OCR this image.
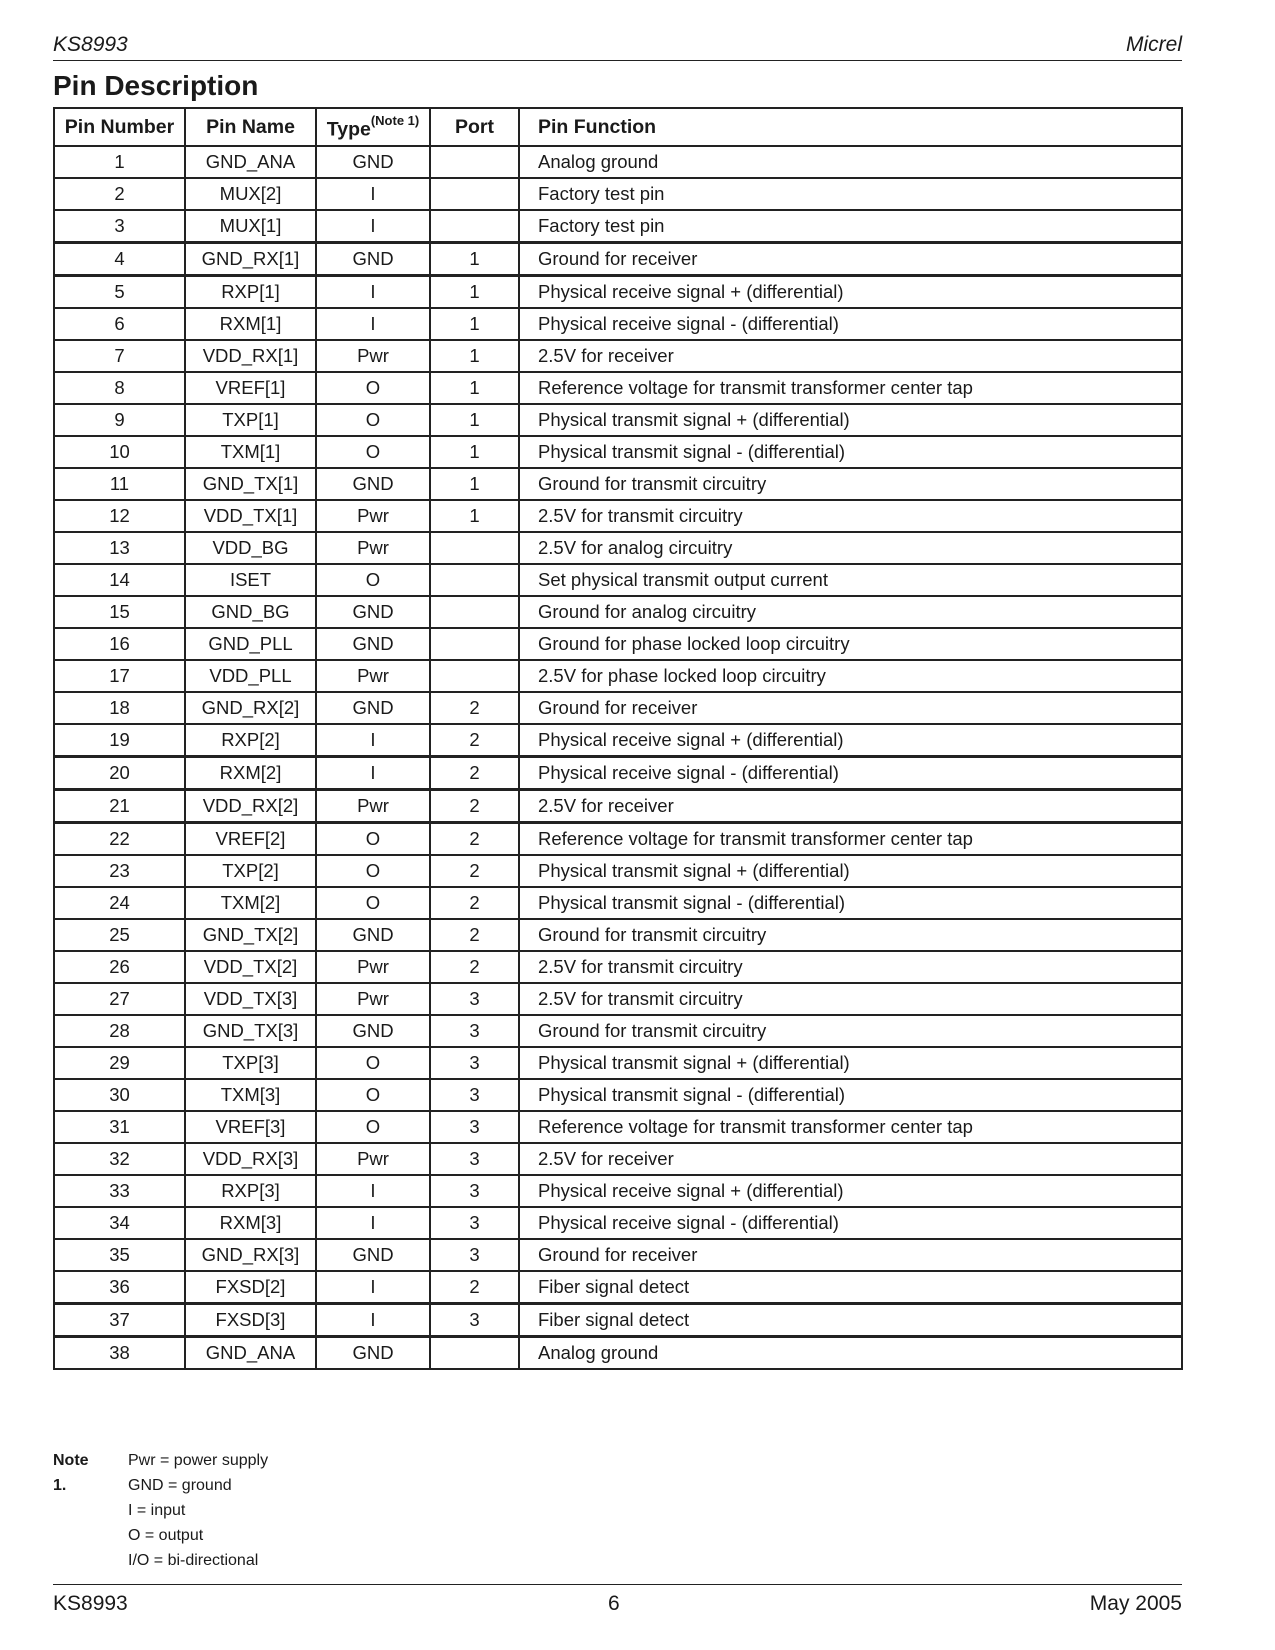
KS8993	Micrel
Pin Description
Pin Number	Pin Name	Type$^{(Note 1)}$	Port	Pin Function
1	GND_ANA	GND		Analog ground
2	MUX[2]	I		Factory test pin
3	MUX[1]	I		Factory test pin
4	GND_RX[1]	GND	1	Ground for receiver
5	RXP[1]	I	1	Physical receive signal + (differential)
6	RXM[1]	I	1	Physical receive signal - (differential)
7	VDD_RX[1]	Pwr	1	2.5V for receiver
8	VREF[1]	O	1	Reference voltage for transmit transformer center tap
9	TXP[1]	O	1	Physical transmit signal + (differential)
10	TXM[1]	O	1	Physical transmit signal - (differential)
11	GND_TX[1]	GND	1	Ground for transmit circuitry
12	VDD_TX[1]	Pwr	1	2.5V for transmit circuitry
13	VDD_BG	Pwr		2.5V for analog circuitry
14	ISET	O		Set physical transmit output current
15	GND_BG	GND		Ground for analog circuitry
16	GND_PLL	GND		Ground for phase locked loop circuitry
17	VDD_PLL	Pwr		2.5V for phase locked loop circuitry
18	GND_RX[2]	GND	2	Ground for receiver
19	RXP[2]	I	2	Physical receive signal + (differential)
20	RXM[2]	I	2	Physical receive signal - (differential)
21	VDD_RX[2]	Pwr	2	2.5V for receiver
22	VREF[2]	O	2	Reference voltage for transmit transformer center tap
23	TXP[2]	O	2	Physical transmit signal + (differential)
24	TXM[2]	O	2	Physical transmit signal - (differential)
25	GND_TX[2]	GND	2	Ground for transmit circuitry
26	VDD_TX[2]	Pwr	2	2.5V for transmit circuitry
27	VDD_TX[3]	Pwr	3	2.5V for transmit circuitry
28	GND_TX[3]	GND	3	Ground for transmit circuitry
29	TXP[3]	O	3	Physical transmit signal + (differential)
30	TXM[3]	O	3	Physical transmit signal - (differential)
31	VREF[3]	O	3	Reference voltage for transmit transformer center tap
32	VDD_RX[3]	Pwr	3	2.5V for receiver
33	RXP[3]	I	3	Physical receive signal + (differential)
34	RXM[3]	I	3	Physical receive signal - (differential)
35	GND_RX[3]	GND	3	Ground for receiver
36	FXSD[2]	I	2	Fiber signal detect
37	FXSD[3]	I	3	Fiber signal detect
38	GND_ANA	GND		Analog ground
Note 1.
Pwr = power supply
GND = ground
I = input
O = output
I/O = bi-directional
KS8993	6	May 2005
